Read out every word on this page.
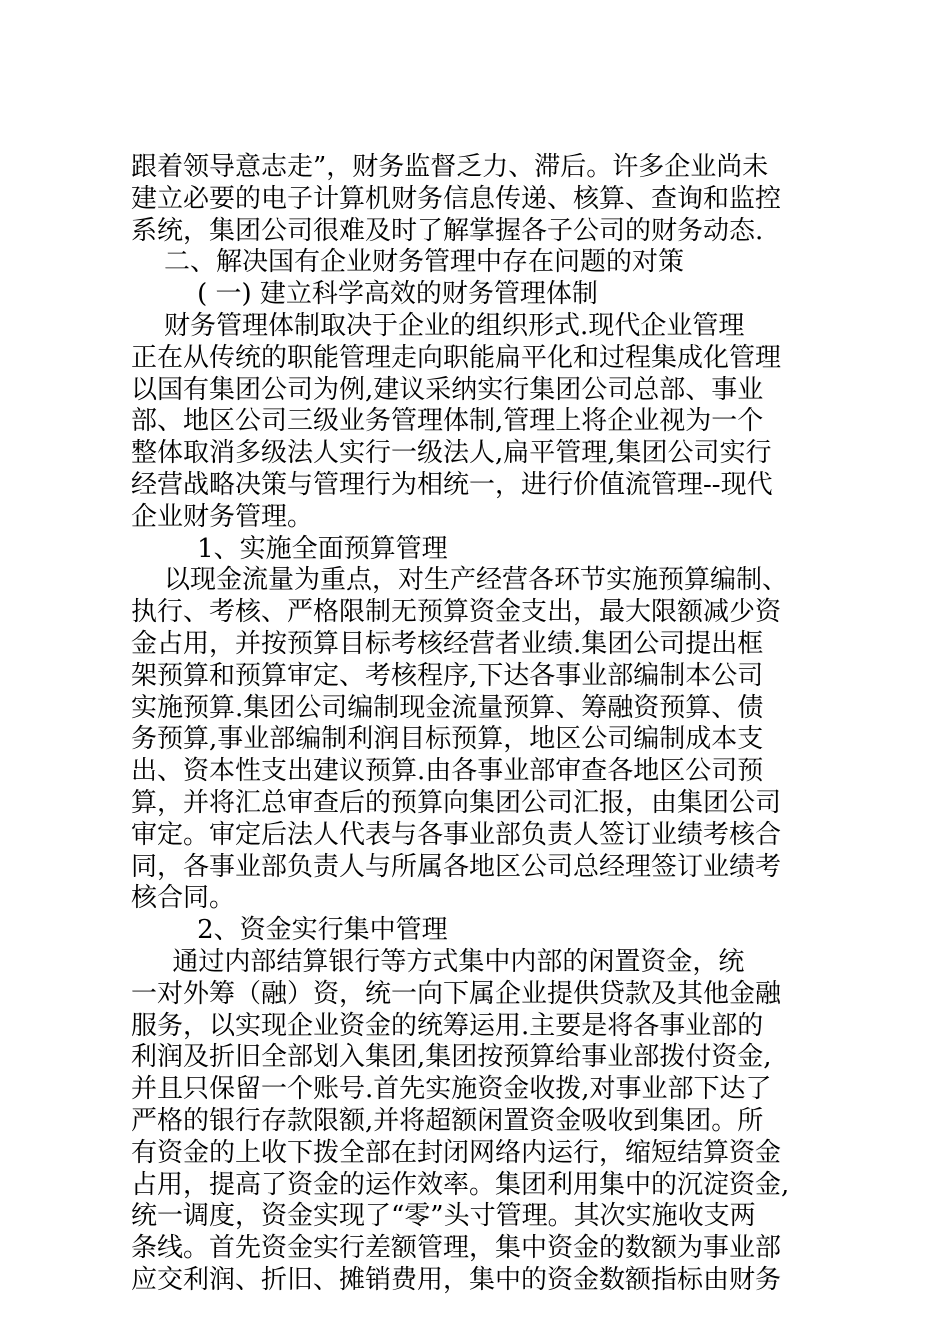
跟着领导意志走”，财务监督乏力、滞后。许多企业尚未
建立必要的电子计算机财务信息传递、核算、查询和监控
系统，集团公司很难及时了解掌握各子公司的财务动态.
二、解决国有企业财务管理中存在问题的对策
( 一) 建立科学高效的财务管理体制
财务管理体制取决于企业的组织形式.现代企业管理
正在从传统的职能管理走向职能扁平化和过程集成化管理
以国有集团公司为例,建议采纳实行集团公司总部、事业
部、地区公司三级业务管理体制,管理上将企业视为一个
整体取消多级法人实行一级法人,扁平管理,集团公司实行
经营战略决策与管理行为相统一，进行价值流管理--现代
企业财务管理。
1、实施全面预算管理
以现金流量为重点，对生产经营各环节实施预算编制、
执行、考核、严格限制无预算资金支出，最大限额减少资
金占用，并按预算目标考核经营者业绩.集团公司提出框
架预算和预算审定、考核程序,下达各事业部编制本公司
实施预算.集团公司编制现金流量预算、筹融资预算、债
务预算,事业部编制利润目标预算，地区公司编制成本支
出、资本性支出建议预算.由各事业部审查各地区公司预
算，并将汇总审查后的预算向集团公司汇报，由集团公司
审定。审定后法人代表与各事业部负责人签订业绩考核合
同，各事业部负责人与所属各地区公司总经理签订业绩考
核合同。
2、资金实行集中管理
通过内部结算银行等方式集中内部的闲置资金，统
一对外筹（融）资，统一向下属企业提供贷款及其他金融
服务，以实现企业资金的统筹运用.主要是将各事业部的
利润及折旧全部划入集团,集团按预算给事业部拨付资金,
并且只保留一个账号.首先实施资金收拨,对事业部下达了
严格的银行存款限额,并将超额闲置资金吸收到集团。所
有资金的上收下拨全部在封闭网络内运行，缩短结算资金
占用，提高了资金的运作效率。集团利用集中的沉淀资金,
统一调度，资金实现了“零”头寸管理。其次实施收支两
条线。首先资金实行差额管理，集中资金的数额为事业部
应交利润、折旧、摊销费用，集中的资金数额指标由财务
